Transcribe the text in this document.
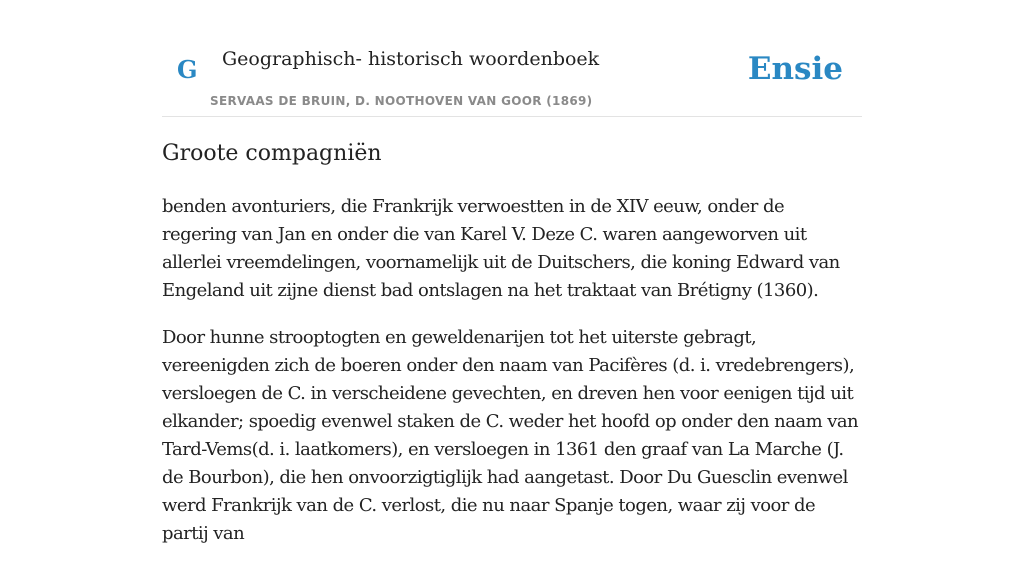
G Geographisch- historisch woordenboek
SERVAAS DE BRUIN, D. NOOTHOVEN VAN GOOR (1869)
Ensie
Groote compagniën

benden avonturiers, die Frankrijk verwoestten in de XIV eeuw, onder de regering van Jan en onder die van Karel V. Deze C. waren aangeworven uit allerlei vreemdelingen, voornamelijk uit de Duitschers, die koning Edward van Engeland uit zijne dienst bad ontslagen na het traktaat van Brétigny (1360).

Door hunne strooptogten en geweldenarijen tot het uiterste gebragt, vereenigden zich de boeren onder den naam van Pacifères (d. i. vredebrengers), versloegen de C. in verscheidene gevechten, en dreven hen voor eenigen tijd uit elkander; spoedig evenwel staken de C. weder het hoofd op onder den naam van Tard-Vems(d. i. laatkomers), en versloegen in 1361 den graaf van La Marche (J. de Bourbon), die hen onvoorzigtiglijk had aangetast. Door Du Guesclin evenwel werd Frankrijk van de C. verlost, die nu naar Spanje togen, waar zij voor de partij van
